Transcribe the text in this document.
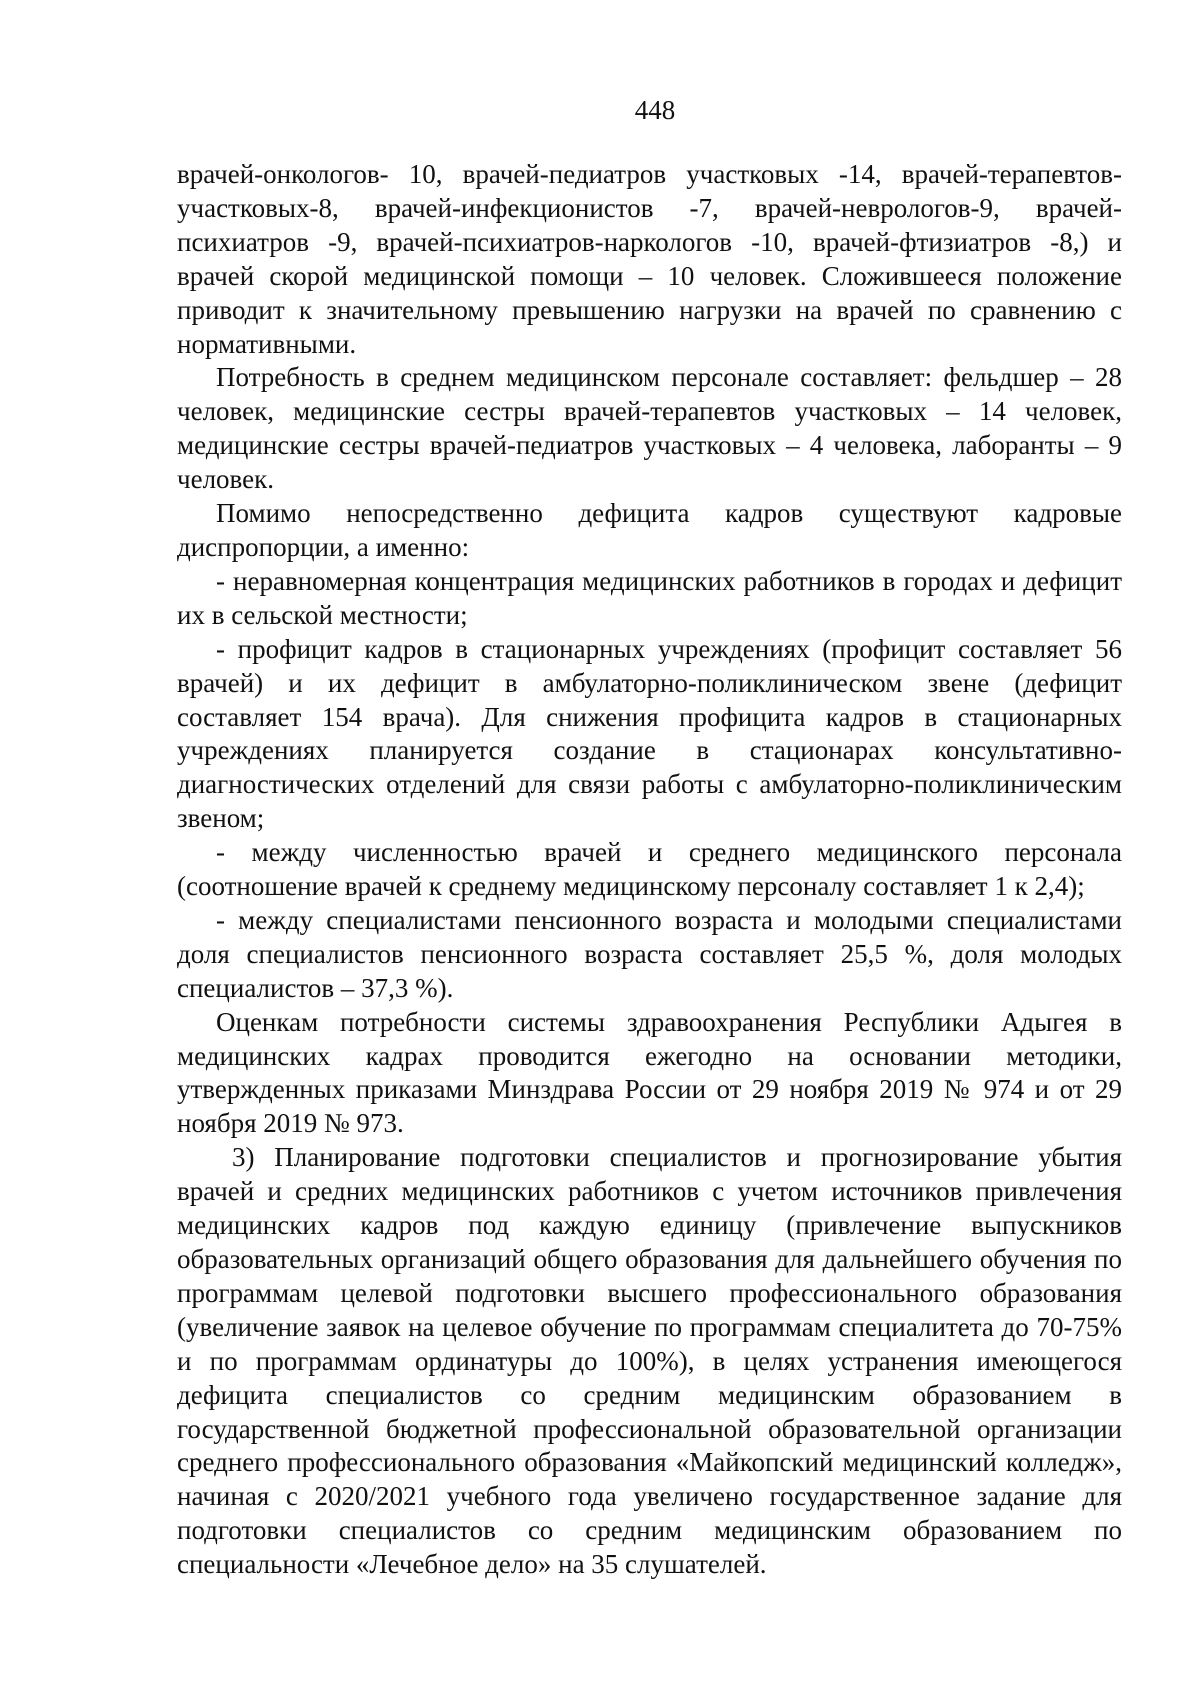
448

врачей-онкологов- 10, врачей-педиатров участковых -14, врачей-терапевтов-участковых-8, врачей-инфекционистов -7, врачей-неврологов-9, врачей-психиатров -9, врачей-психиатров-наркологов -10, врачей-фтизиатров -8,) и врачей скорой медицинской помощи – 10 человек. Сложившееся положение приводит к значительному превышению нагрузки на врачей по сравнению с нормативными.

Потребность в среднем медицинском персонале составляет: фельдшер – 28 человек, медицинские сестры врачей-терапевтов участковых – 14 человек, медицинские сестры врачей-педиатров участковых – 4 человека, лаборанты – 9 человек.

Помимо непосредственно дефицита кадров существуют кадровые диспропорции, а именно:

- неравномерная концентрация медицинских работников в городах и дефицит их в сельской местности;

- профицит кадров в стационарных учреждениях (профицит составляет 56 врачей) и их дефицит в амбулаторно-поликлиническом звене (дефицит составляет 154 врача). Для снижения профицита кадров в стационарных учреждениях планируется создание в стационарах консультативно-диагностических отделений для связи работы с амбулаторно-поликлиническим звеном;

- между численностью врачей и среднего медицинского персонала (соотношение врачей к среднему медицинскому персоналу составляет 1 к 2,4);

- между специалистами пенсионного возраста и молодыми специалистами доля специалистов пенсионного возраста составляет 25,5 %, доля молодых специалистов – 37,3 %).

Оценкам потребности системы здравоохранения Республики Адыгея в медицинских кадрах проводится ежегодно на основании методики, утвержденных приказами Минздрава России от 29 ноября 2019 № 974 и от 29 ноября 2019 № 973.

3) Планирование подготовки специалистов и прогнозирование убытия врачей и средних медицинских работников с учетом источников привлечения медицинских кадров под каждую единицу (привлечение выпускников образовательных организаций общего образования для дальнейшего обучения по программам целевой подготовки высшего профессионального образования (увеличение заявок на целевое обучение по программам специалитета до 70-75% и по программам ординатуры до 100%), в целях устранения имеющегося дефицита специалистов со средним медицинским образованием в государственной бюджетной профессиональной образовательной организации среднего профессионального образования «Майкопский медицинский колледж», начиная с 2020/2021 учебного года увеличено государственное задание для подготовки специалистов со средним медицинским образованием по специальности «Лечебное дело» на 35 слушателей.
